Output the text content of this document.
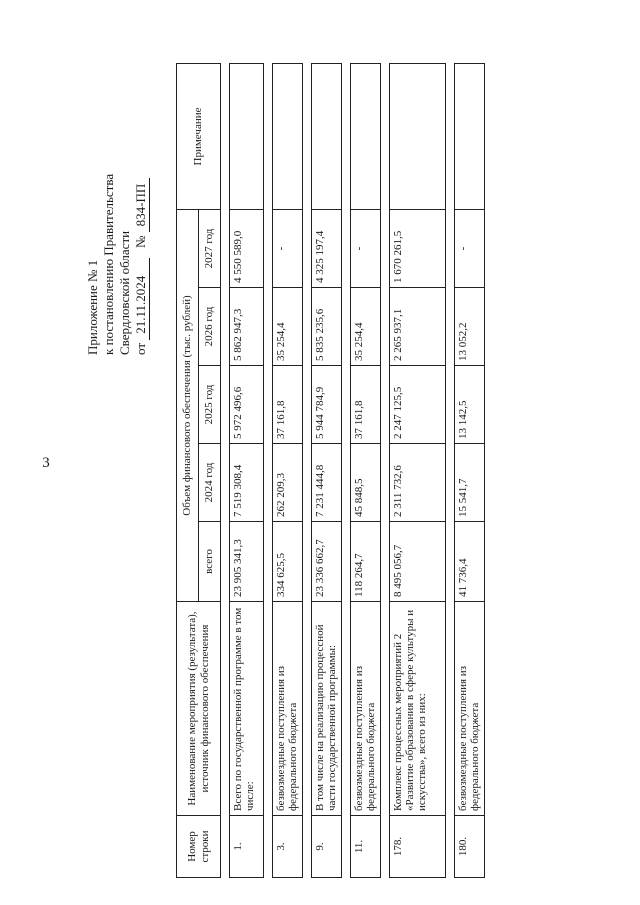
3
Приложение № 1 к постановлению Правительства Свердловской области от 21.11.2024   № 834-ПП
Номер строки	Наименование мероприятия (результата), источник финансового обеспечения	Объем финансового обеспечения (тыс. рублей)					Примечание
		всего	2024 год	2025 год	2026 год	2027 год	

1.	Всего по государственной программе в том числе:	23 905 341,3	7 519 308,4	5 972 496,6	5 862 947,3	4 550 589,0	

3.	безвозмездные поступления из федерального бюджета	334 625,5	262 209,3	37 161,8	35 254,4	-	

9.	В том числе на реализацию процессной части государственной программы:	23 336 662,7	7 231 444,8	5 944 784,9	5 835 235,6	4 325 197,4	

11.	безвозмездные поступления из федерального бюджета	118 264,7	45 848,5	37 161,8	35 254,4	-	

178.	Комплекс процессных мероприятий 2 «Развитие образования в сфере культуры и искусства», всего из них:	8 495 056,7	2 311 732,6	2 247 125,5	2 265 937,1	1 670 261,5	

180.	безвозмездные поступления из федерального бюджета	41 736,4	15 541,7	13 142,5	13 052,2	-	
